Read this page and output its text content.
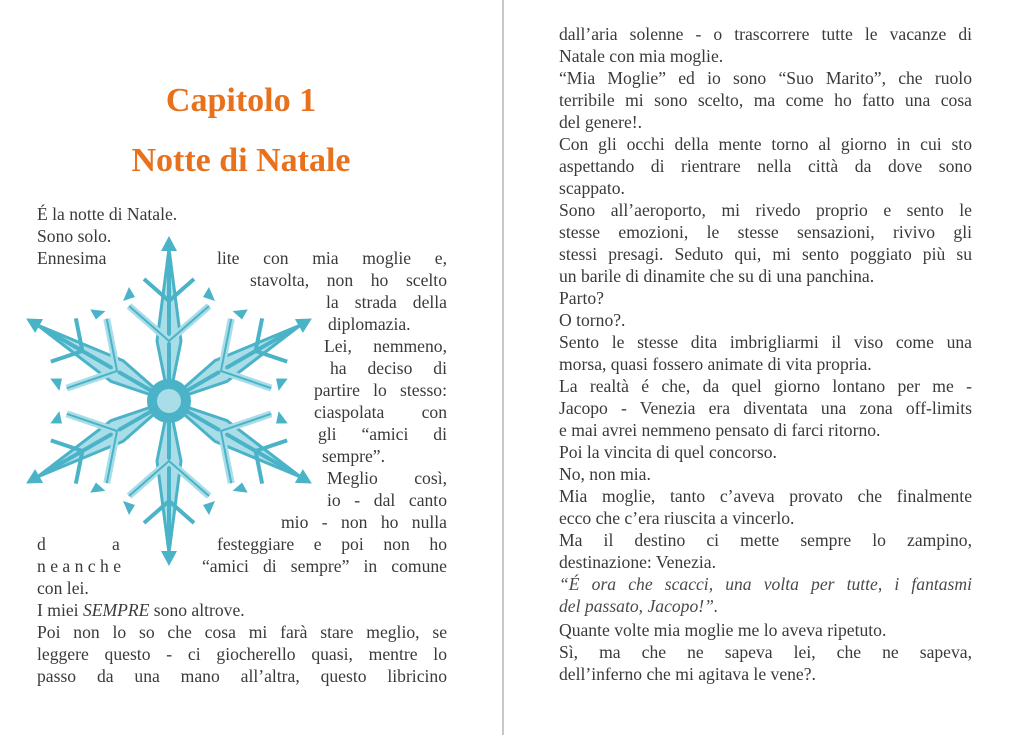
Capitolo 1
Notte di Natale

É la notte di Natale.

Sono solo.

Ennesima	lite con mia moglie e,

stavolta, non ho scelto

la strada della

diplomazia.

Lei, nemmeno,

ha deciso di

partire lo stesso:

ciaspolata con

gli “amici di

sempre”.

Meglio così,

io - dal canto

mio - non ho nulla

d	a	festeggiare e poi non ho

n e a n c h e	“amici di sempre” in comune

con lei.

I miei SEMPRE sono altrove.

Poi non lo so che cosa mi farà stare meglio, se

leggere questo - ci giocherello quasi, mentre lo

passo da una mano all’altra, questo libricino

dall’aria solenne - o trascorrere tutte le vacanze di

Natale con mia moglie.

“Mia Moglie” ed io sono “Suo Marito”, che ruolo

terribile mi sono scelto, ma come ho fatto una cosa

del genere!.

Con gli occhi della mente torno al giorno in cui sto

aspettando di rientrare nella città da dove sono

scappato.

Sono all’aeroporto, mi rivedo proprio e sento le

stesse emozioni, le stesse sensazioni, rivivo gli

stessi presagi. Seduto qui, mi sento poggiato più su

un barile di dinamite che su di una panchina.

Parto?

O torno?.

Sento le stesse dita imbrigliarmi il viso come una

morsa, quasi fossero animate di vita propria.

La realtà é che, da quel giorno lontano per me -

Jacopo - Venezia era diventata una zona off-limits

e mai avrei nemmeno pensato di farci ritorno.

Poi la vincita di quel concorso.

No, non mia.

Mia moglie, tanto c’aveva provato che finalmente

ecco che c’era riuscita a vincerlo.

Ma il destino ci mette sempre lo zampino,

destinazione: Venezia.

“É ora che scacci, una volta per tutte, i fantasmi

del passato, Jacopo!”.

Quante volte mia moglie me lo aveva ripetuto.

Sì, ma che ne sapeva lei, che ne sapeva,

dell’inferno che mi agitava le vene?.
